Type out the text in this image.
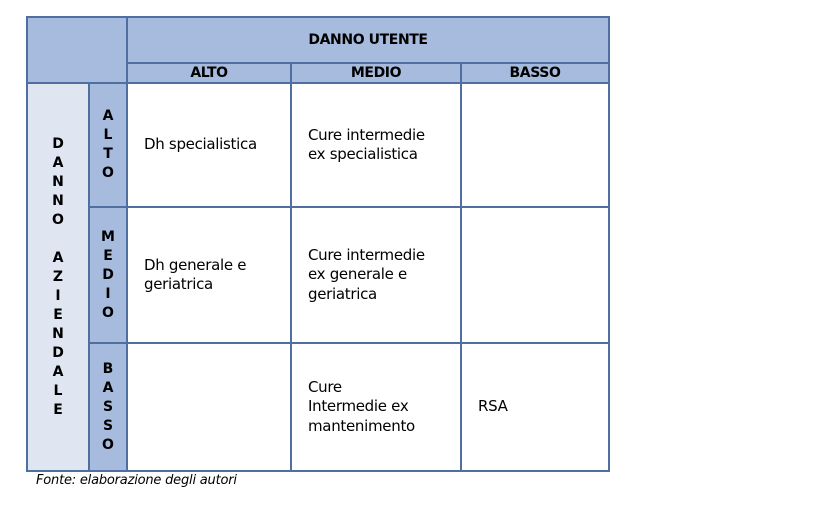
DANNO UTENTE
ALTO	MEDIO	BASSO
D
A
N
N
O

A
Z
I
E
N
D
A
L
E
A
L
T
O
M
E
D
I
O
B
A
S
S
O
Dh specialistica
Cure intermedie
ex specialistica
Dh generale e
geriatrica
Cure intermedie
ex generale e
geriatrica
Cure
Intermedie ex
mantenimento
RSA
Fonte: elaborazione degli autori
